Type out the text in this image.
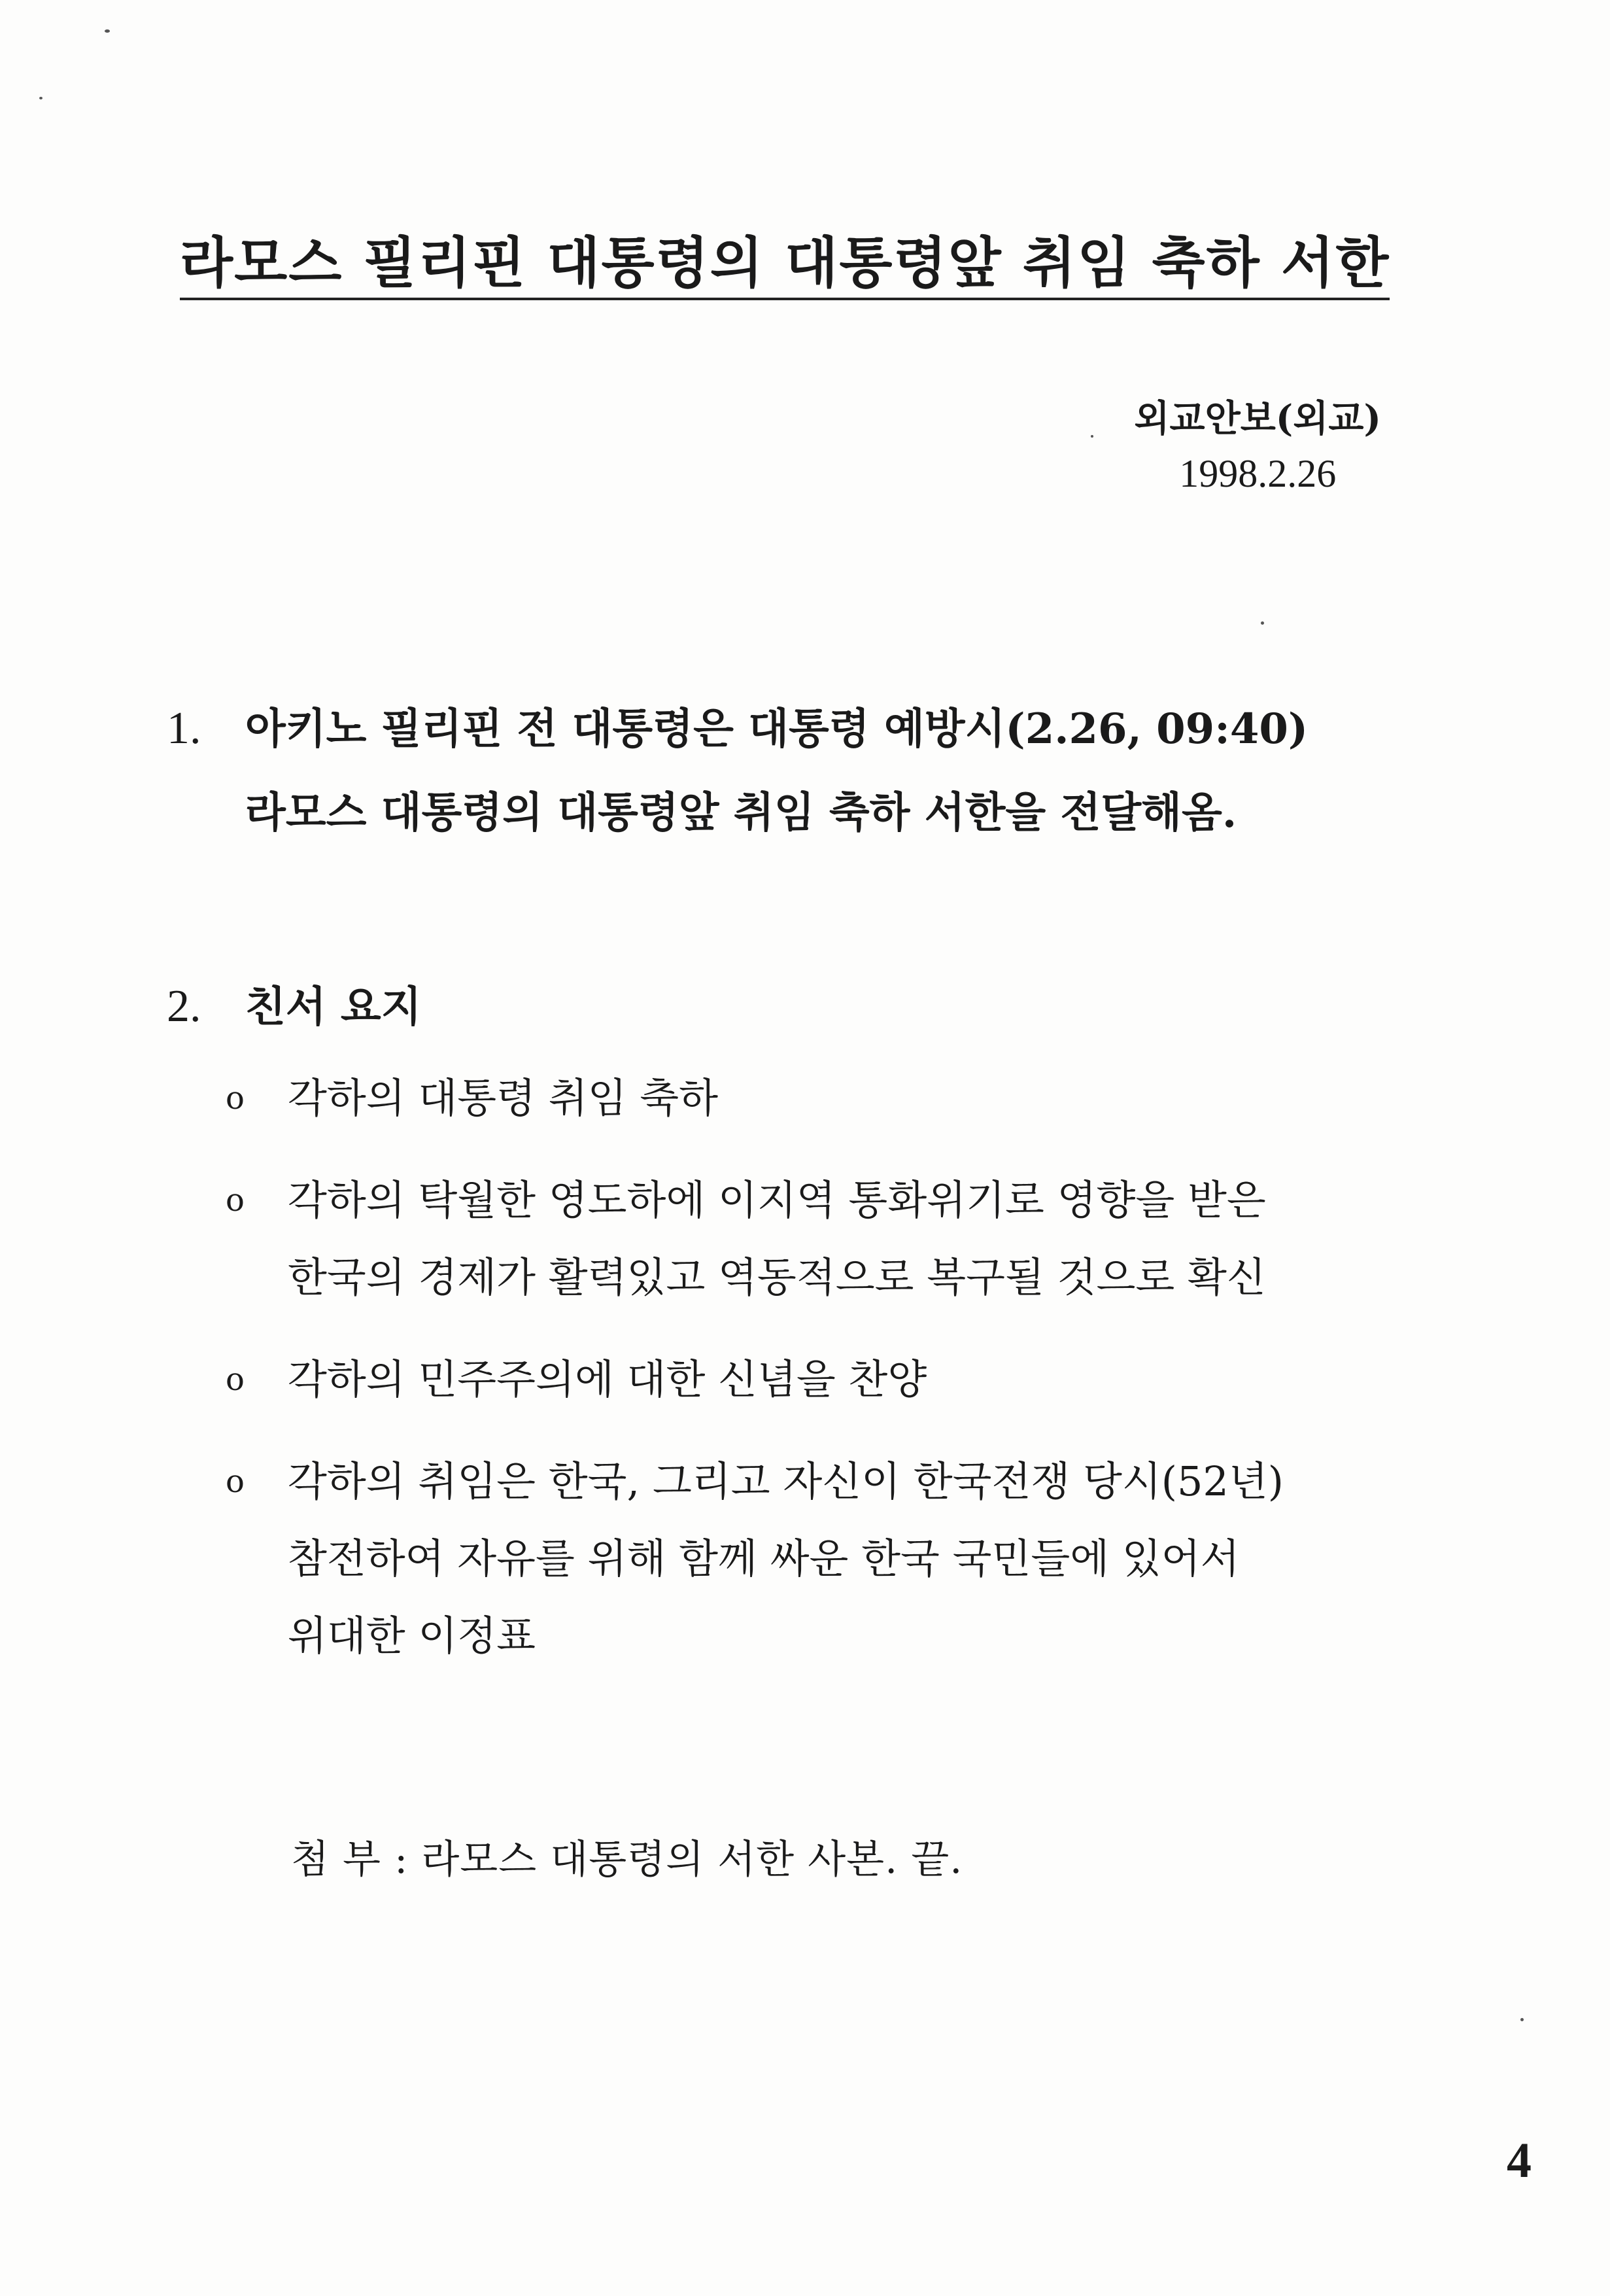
라모스 필리핀 대통령의 대통령앞 취임 축하 서한
외교안보(외교)
1998.2.26
1. 아키노 필리핀 전 대통령은 대통령 예방시(2.26, 09:40)
라모스 대통령의 대통령앞 취임 축하 서한을 전달해옴.
2. 친서 요지
o	각하의 대통령 취임 축하
o	각하의 탁월한 영도하에 이지역 통화위기로 영향을 받은
한국의 경제가 활력있고 역동적으로 복구될 것으로 확신
o	각하의 민주주의에 대한 신념을 찬양
o	각하의 취임은 한국, 그리고 자신이 한국전쟁 당시(52년)
참전하여 자유를 위해 함께 싸운 한국 국민들에 있어서
위대한 이정표
첨 부 : 라모스 대통령의 서한 사본. 끝.
4
